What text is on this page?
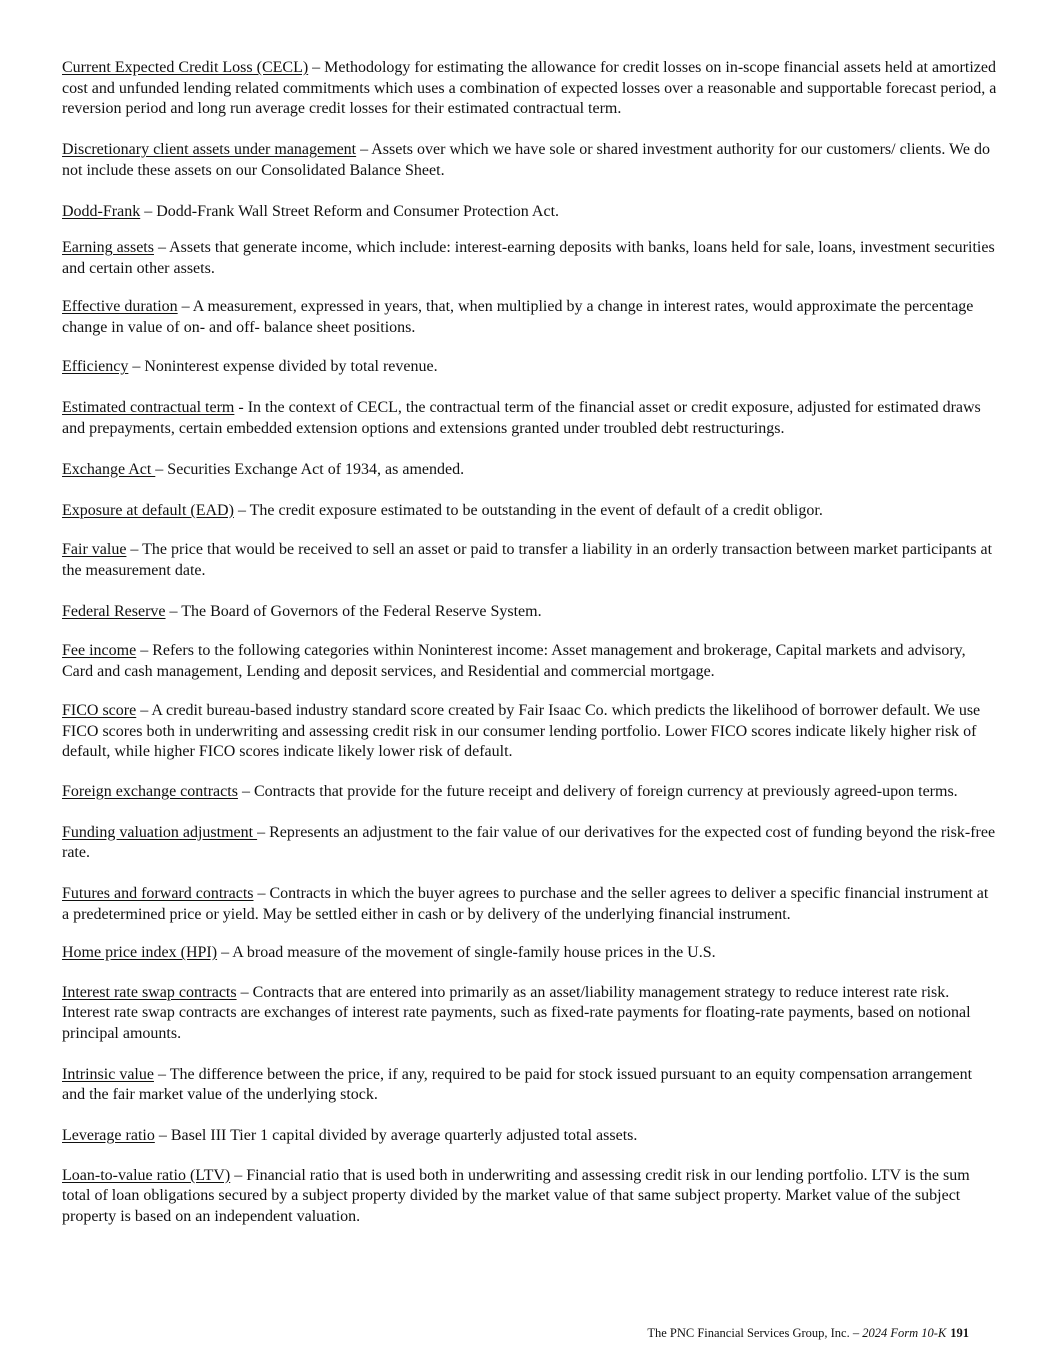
Current Expected Credit Loss (CECL) – Methodology for estimating the allowance for credit losses on in-scope financial assets held at amortized cost and unfunded lending related commitments which uses a combination of expected losses over a reasonable and supportable forecast period, a reversion period and long run average credit losses for their estimated contractual term.

Discretionary client assets under management – Assets over which we have sole or shared investment authority for our customers/ clients. We do not include these assets on our Consolidated Balance Sheet.

Dodd-Frank – Dodd-Frank Wall Street Reform and Consumer Protection Act.

Earning assets – Assets that generate income, which include: interest-earning deposits with banks, loans held for sale, loans, investment securities and certain other assets.

Effective duration – A measurement, expressed in years, that, when multiplied by a change in interest rates, would approximate the percentage change in value of on- and off- balance sheet positions.

Efficiency – Noninterest expense divided by total revenue.

Estimated contractual term - In the context of CECL, the contractual term of the financial asset or credit exposure, adjusted for estimated draws and prepayments, certain embedded extension options and extensions granted under troubled debt restructurings.

Exchange Act – Securities Exchange Act of 1934, as amended.

Exposure at default (EAD) – The credit exposure estimated to be outstanding in the event of default of a credit obligor.

Fair value – The price that would be received to sell an asset or paid to transfer a liability in an orderly transaction between market participants at the measurement date.

Federal Reserve – The Board of Governors of the Federal Reserve System.

Fee income – Refers to the following categories within Noninterest income: Asset management and brokerage, Capital markets and advisory, Card and cash management, Lending and deposit services, and Residential and commercial mortgage.

FICO score – A credit bureau-based industry standard score created by Fair Isaac Co. which predicts the likelihood of borrower default. We use FICO scores both in underwriting and assessing credit risk in our consumer lending portfolio. Lower FICO scores indicate likely higher risk of default, while higher FICO scores indicate likely lower risk of default.

Foreign exchange contracts – Contracts that provide for the future receipt and delivery of foreign currency at previously agreed-upon terms.

Funding valuation adjustment – Represents an adjustment to the fair value of our derivatives for the expected cost of funding beyond the risk-free rate.

Futures and forward contracts – Contracts in which the buyer agrees to purchase and the seller agrees to deliver a specific financial instrument at a predetermined price or yield. May be settled either in cash or by delivery of the underlying financial instrument.

Home price index (HPI) – A broad measure of the movement of single-family house prices in the U.S.

Interest rate swap contracts – Contracts that are entered into primarily as an asset/liability management strategy to reduce interest rate risk. Interest rate swap contracts are exchanges of interest rate payments, such as fixed-rate payments for floating-rate payments, based on notional principal amounts.

Intrinsic value – The difference between the price, if any, required to be paid for stock issued pursuant to an equity compensation arrangement and the fair market value of the underlying stock.

Leverage ratio – Basel III Tier 1 capital divided by average quarterly adjusted total assets.

Loan-to-value ratio (LTV) – Financial ratio that is used both in underwriting and assessing credit risk in our lending portfolio. LTV is the sum total of loan obligations secured by a subject property divided by the market value of that same subject property. Market value of the subject property is based on an independent valuation.

The PNC Financial Services Group, Inc. – 2024 Form 10-K 191
